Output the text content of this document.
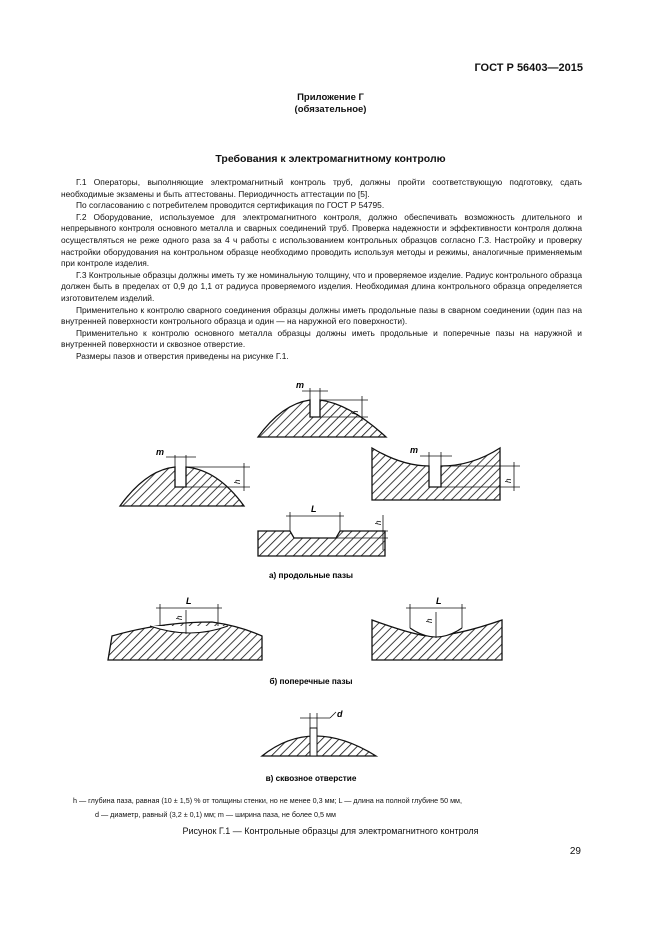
ГОСТ Р 56403—2015
Приложение Г
(обязательное)
Требования к электромагнитному контролю

Г.1 Операторы, выполняющие электромагнитный контроль труб, должны пройти соответствующую подготовку, сдать необходимые экзамены и быть аттестованы. Периодичность аттестации по [5].

По согласованию с потребителем проводится сертификация по ГОСТ Р 54795.

Г.2 Оборудование, используемое для электромагнитного контроля, должно обеспечивать возможность длительного и непрерывного контроля основного металла и сварных соединений труб. Проверка надежности и эффективности контроля должна осуществляться не реже одного раза за 4 ч работы с использованием контрольных образцов согласно Г.3. Настройку и проверку настройки оборудования на контрольном образце необходимо проводить используя методы и режимы, аналогичные применяемым при контроле изделия.

Г.3 Контрольные образцы должны иметь ту же номинальную толщину, что и проверяемое изделие. Радиус контрольного образца должен быть в пределах от 0,9 до 1,1 от радиуса проверяемого изделия. Необходимая длина контрольного образца определяется изготовителем изделий.

Применительно к контролю сварного соединения образцы должны иметь продольные пазы в сварном соединении (один паз на внутренней поверхности контрольного образца и один — на наружной его поверхности).

Применительно к контролю основного металла образцы должны иметь продольные и поперечные пазы на наружной и внутренней поверхности и сквозное отверстие.

Размеры пазов и отверстия приведены на рисунке Г.1.

m
h
m
h
m
h
L
h
а) продольные пазы
L
h
L
h
б) поперечные пазы
d
в) сквозное отверстие
h — глубина паза, равная (10 ± 1,5) % от толщины стенки, но не менее 0,3 мм; L — длина на полной глубине 50 мм,
d — диаметр, равный (3,2 ± 0,1) мм; m — ширина паза, не более 0,5 мм
Рисунок Г.1 — Контрольные образцы для электромагнитного контроля
29
